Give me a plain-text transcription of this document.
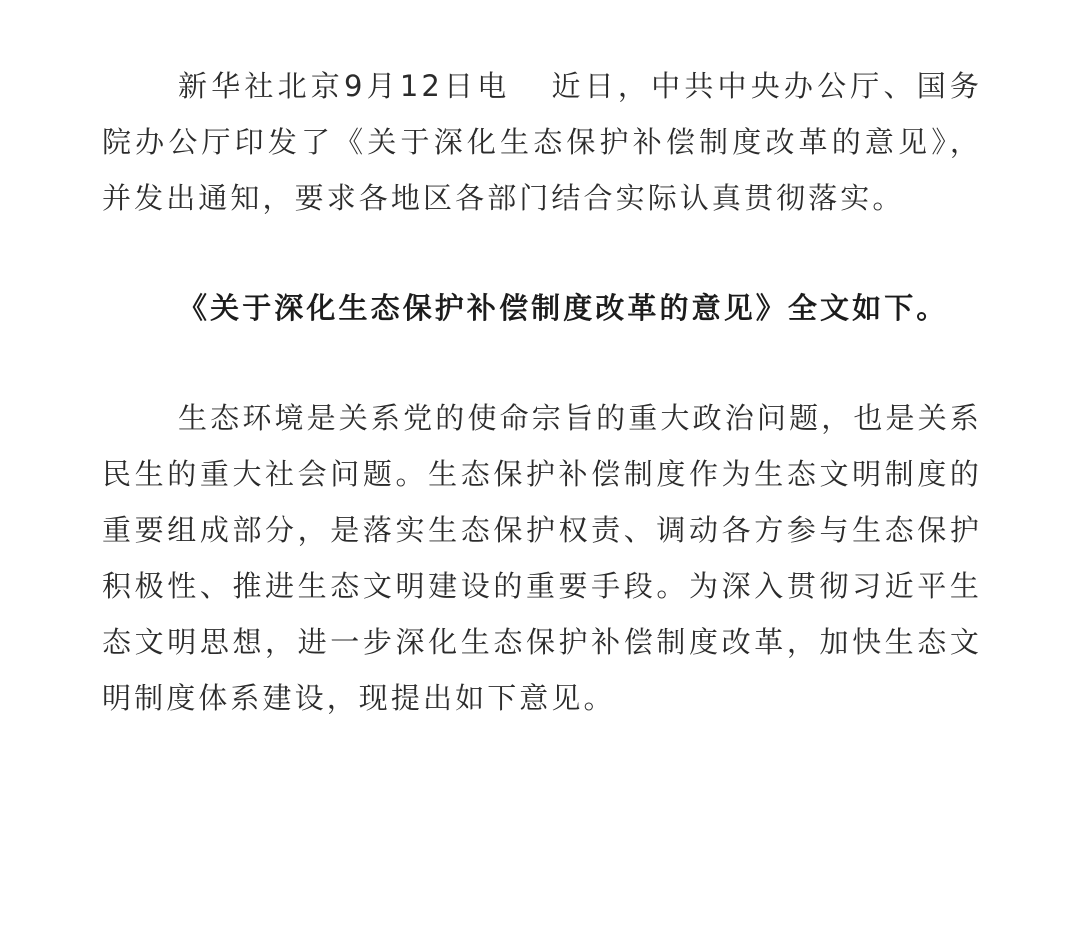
新华社北京9月12日电 近日，中共中央办公厅、国务院办公厅印发了《关于深化生态保护补偿制度改革的意见》，并发出通知，要求各地区各部门结合实际认真贯彻落实。

《关于深化生态保护补偿制度改革的意见》全文如下。

生态环境是关系党的使命宗旨的重大政治问题，也是关系民生的重大社会问题。生态保护补偿制度作为生态文明制度的重要组成部分，是落实生态保护权责、调动各方参与生态保护积极性、推进生态文明建设的重要手段。为深入贯彻习近平生态文明思想，进一步深化生态保护补偿制度改革，加快生态文明制度体系建设，现提出如下意见。
